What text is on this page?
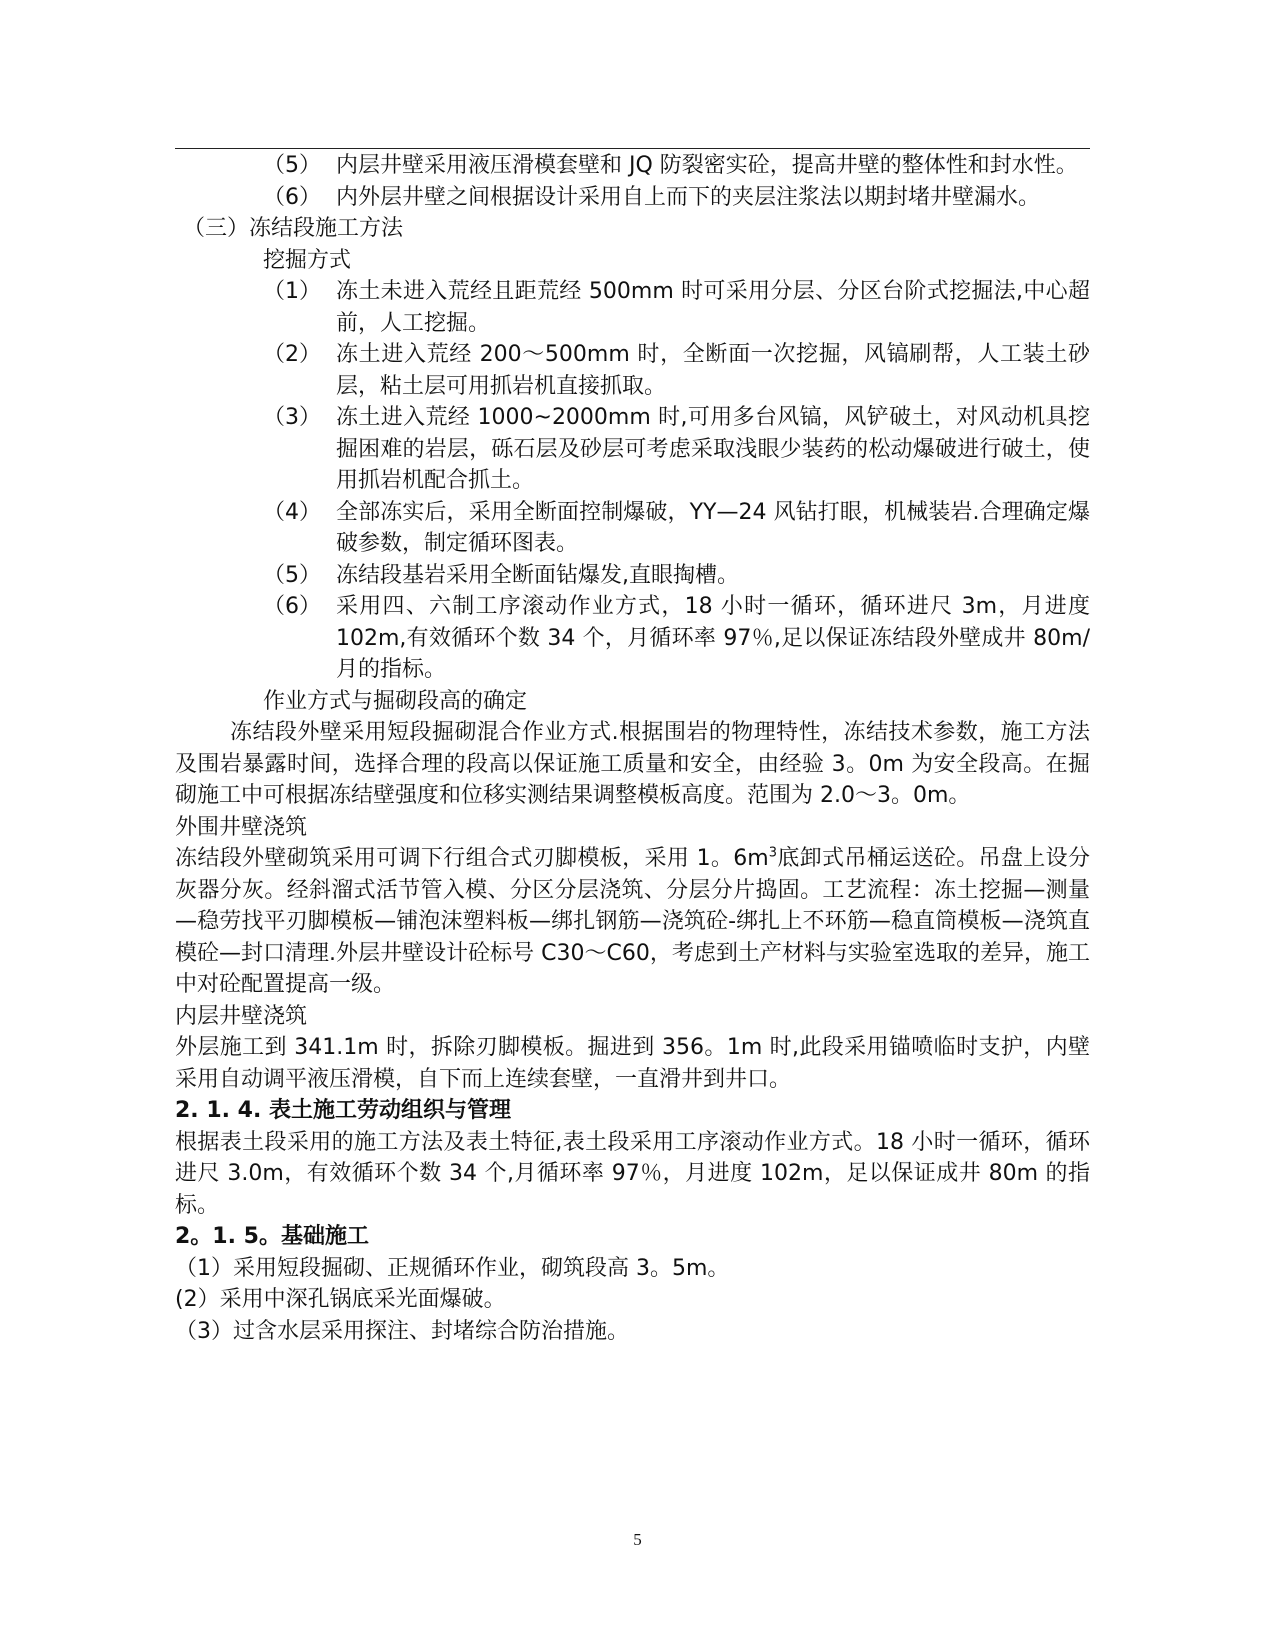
（5） 内层井壁采用液压滑模套壁和 JQ 防裂密实砼，提高井壁的整体性和封水性。
（6） 内外层井壁之间根据设计采用自上而下的夹层注浆法以期封堵井壁漏水。
（三）冻结段施工方法
挖掘方式
（1） 冻土未进入荒经且距荒经 500mm 时可采用分层、分区台阶式挖掘法,中心超前，人工挖掘。
（2） 冻土进入荒经 200～500mm 时，全断面一次挖掘，风镐刷帮，人工装土砂层，粘土层可用抓岩机直接抓取。
（3） 冻土进入荒经 1000~2000mm 时,可用多台风镐，风铲破土，对风动机具挖掘困难的岩层，砾石层及砂层可考虑采取浅眼少装药的松动爆破进行破土，使用抓岩机配合抓土。
（4） 全部冻实后，采用全断面控制爆破，YY—24 风钻打眼，机械装岩.合理确定爆破参数，制定循环图表。
（5） 冻结段基岩采用全断面钻爆发,直眼掏槽。
（6） 采用四、六制工序滚动作业方式，18 小时一循环，循环进尺 3m，月进度 102m,有效循环个数 34 个，月循环率 97％,足以保证冻结段外壁成井 80m/月的指标。
作业方式与掘砌段高的确定
冻结段外壁采用短段掘砌混合作业方式.根据围岩的物理特性，冻结技术参数，施工方法及围岩暴露时间，选择合理的段高以保证施工质量和安全，由经验 3。0m 为安全段高。在掘砌施工中可根据冻结壁强度和位移实测结果调整模板高度。范围为 2.0～3。0m。
外围井壁浇筑
冻结段外壁砌筑采用可调下行组合式刃脚模板，采用 1。$6m^3$底卸式吊桶运送砼。吊盘上设分灰器分灰。经斜溜式活节管入模、分区分层浇筑、分层分片捣固。工艺流程：冻土挖掘—测量—稳劳找平刃脚模板—铺泡沫塑料板—绑扎钢筋—浇筑砼-绑扎上不环筋—稳直筒模板—浇筑直模砼—封口清理.外层井壁设计砼标号 C30～C60，考虑到土产材料与实验室选取的差异，施工中对砼配置提高一级。
内层井壁浇筑
外层施工到 341.1m 时，拆除刃脚模板。掘进到 356。1m 时,此段采用锚喷临时支护，内壁采用自动调平液压滑模，自下而上连续套壁，一直滑井到井口。
2. 1. 4. 表土施工劳动组织与管理
根据表土段采用的施工方法及表土特征,表土段采用工序滚动作业方式。18 小时一循环，循环进尺 3.0m，有效循环个数 34 个,月循环率 97％，月进度 102m，足以保证成井 80m 的指标。
2。1. 5。基础施工
（1）采用短段掘砌、正规循环作业，砌筑段高 3。5m。
(2）采用中深孔锅底采光面爆破。
（3）过含水层采用探注、封堵综合防治措施。
5
